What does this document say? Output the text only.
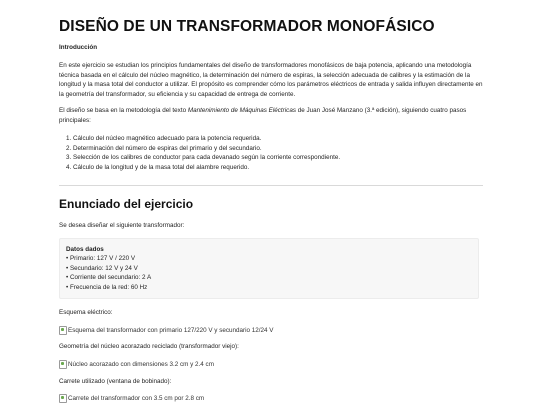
DISEÑO DE UN TRANSFORMADOR MONOFÁSICO

Introducción

En este ejercicio se estudian los principios fundamentales del diseño de transformadores monofásicos de baja potencia, aplicando una metodología técnica basada en el cálculo del núcleo magnético, la determinación del número de espiras, la selección adecuada de calibres y la estimación de la longitud y la masa total del conductor a utilizar. El propósito es comprender cómo los parámetros eléctricos de entrada y salida influyen directamente en la geometría del transformador, su eficiencia y su capacidad de entrega de corriente.

El diseño se basa en la metodología del texto Mantenimiento de Máquinas Eléctricas de Juan José Manzano (3.ª edición), siguiendo cuatro pasos principales:

1. Cálculo del núcleo magnético adecuado para la potencia requerida.
2. Determinación del número de espiras del primario y del secundario.
3. Selección de los calibres de conductor para cada devanado según la corriente correspondiente.
4. Cálculo de la longitud y de la masa total del alambre requerido.
Enunciado del ejercicio

Se desea diseñar el siguiente transformador:

Datos dados
• Primario: 127 V / 220 V
• Secundario: 12 V y 24 V
• Corriente del secundario: 2 A
• Frecuencia de la red: 60 Hz

Esquema eléctrico:

Esquema del transformador con primario 127/220 V y secundario 12/24 V

Geometría del núcleo acorazado reciclado (transformador viejo):

Núcleo acorazado con dimensiones 3.2 cm y 2.4 cm

Carrete utilizado (ventana de bobinado):

Carrete del transformador con 3.5 cm por 2.8 cm
